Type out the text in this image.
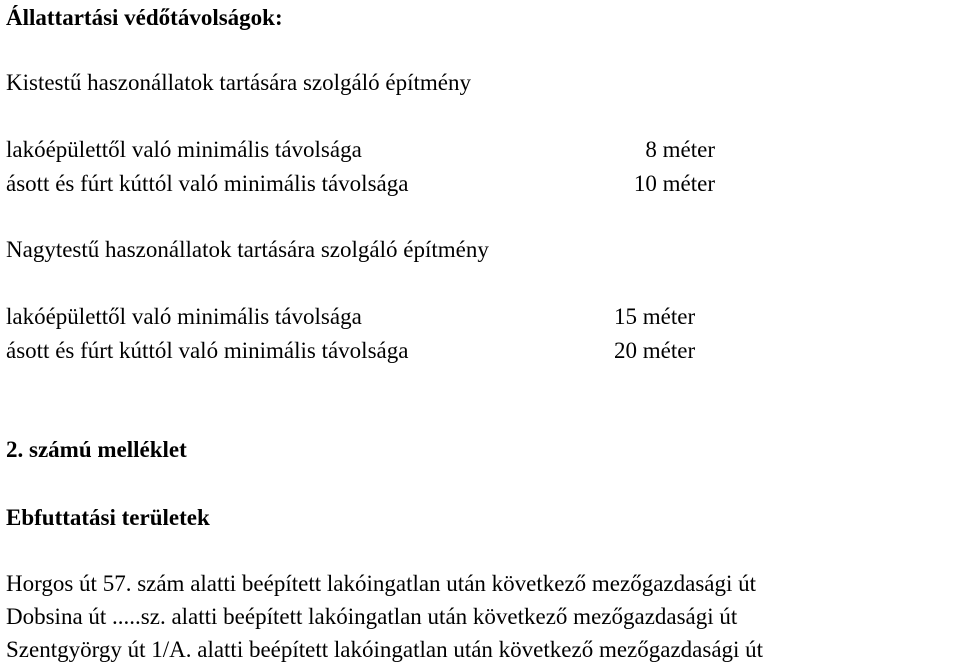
Állattartási védőtávolságok:
Kistestű haszonállatok tartására szolgáló építmény
lakóépülettől való minimális távolsága	8 méter
ásott és fúrt kúttól való minimális távolsága	10 méter
Nagytestű haszonállatok tartására szolgáló építmény
lakóépülettől való minimális távolsága	15 méter
ásott és fúrt kúttól való minimális távolsága	20 méter
2. számú melléklet
Ebfuttatási területek
Horgos út 57. szám alatti beépített lakóingatlan után következő mezőgazdasági út
Dobsina út .....sz. alatti beépített lakóingatlan után következő mezőgazdasági út
Szentgyörgy út 1/A. alatti beépített lakóingatlan után következő mezőgazdasági út
